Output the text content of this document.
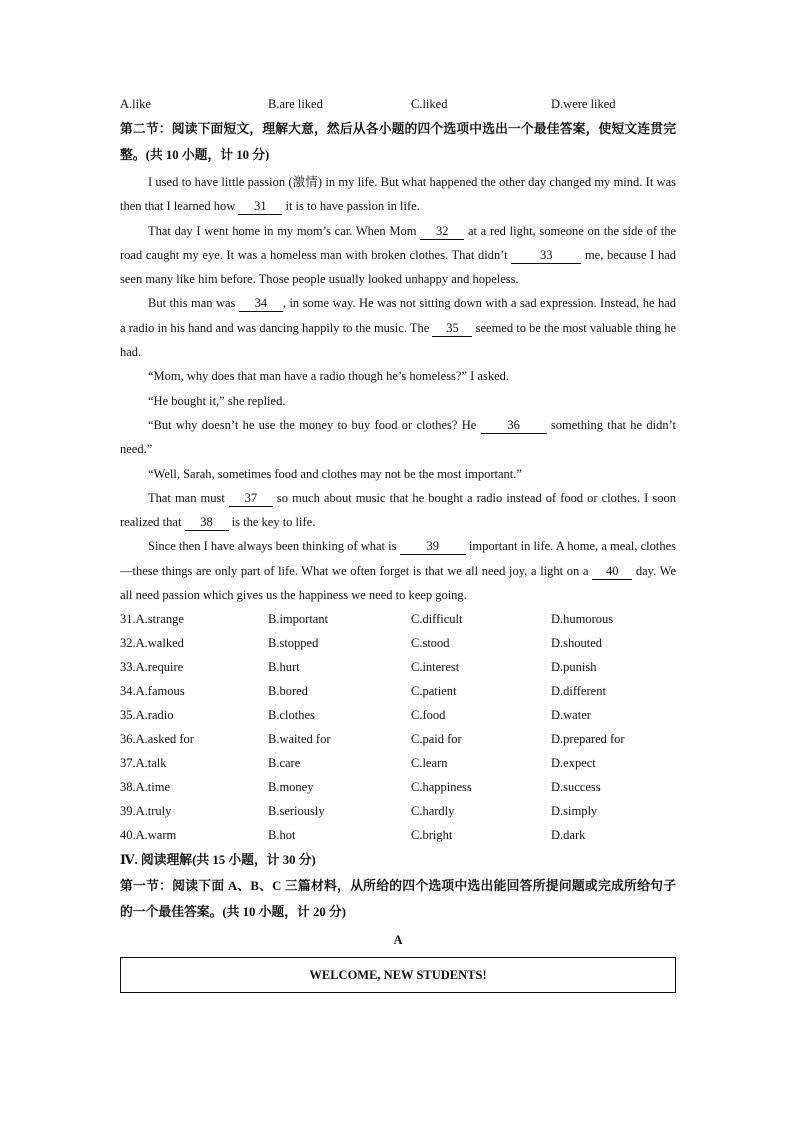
A.like	B.are liked	C.liked	D.were liked
第二节：阅读下面短文，理解大意，然后从各小题的四个选项中选出一个最佳答案，使短文连贯完整。(共 10 小题，计 10 分)

I used to have little passion (激情) in my life. But what happened the other day changed my mind. It was then that I learned how 31 it is to have passion in life.

That day I went home in my mom’s car. When Mom 32 at a red light, someone on the side of the road caught my eye. It was a homeless man with broken clothes. That didn’t	33	me, because I had seen many like him before. Those people usually looked unhappy and hopeless.

But this man was 34 , in some way. He was not sitting down with a sad expression. Instead, he had a radio in his hand and was dancing happily to the music. The 35 seemed to be the most valuable thing he had.

“Mom, why does that man have a radio though he’s homeless?” I asked.

“He bought it,” she replied.

“But why doesn’t he use the money to buy food or clothes? He 36 something that he didn’t need.”

“Well, Sarah, sometimes food and clothes may not be the most important.”

That man must 37 so much about music that he bought a radio instead of food or clothes. I soon realized that 38 is the key to life.

Since then I have always been thinking of what is 39 important in life. A home, a meal, clothes—these things are only part of life. What we often forget is that we all need joy, a light on a 40 day. We all need passion which gives us the happiness we need to keep going.

31.A.strange	B.important	C.difficult	D.humorous
32.A.walked	B.stopped	C.stood	D.shouted
33.A.require	B.hurt	C.interest	D.punish
34.A.famous	B.bored	C.patient	D.different
35.A.radio	B.clothes	C.food	D.water
36.A.asked for	B.waited for	C.paid for	D.prepared for
37.A.talk	B.care	C.learn	D.expect
38.A.time	B.money	C.happiness	D.success
39.A.truly	B.seriously	C.hardly	D.simply
40.A.warm	B.hot	C.bright	D.dark
Ⅳ. 阅读理解(共 15 小题，计 30 分)
第一节：阅读下面 A、B、C 三篇材料，从所给的四个选项中选出能回答所提问题或完成所给句子的一个最佳答案。(共 10 小题，计 20 分)
A
WELCOME, NEW STUDENTS!
